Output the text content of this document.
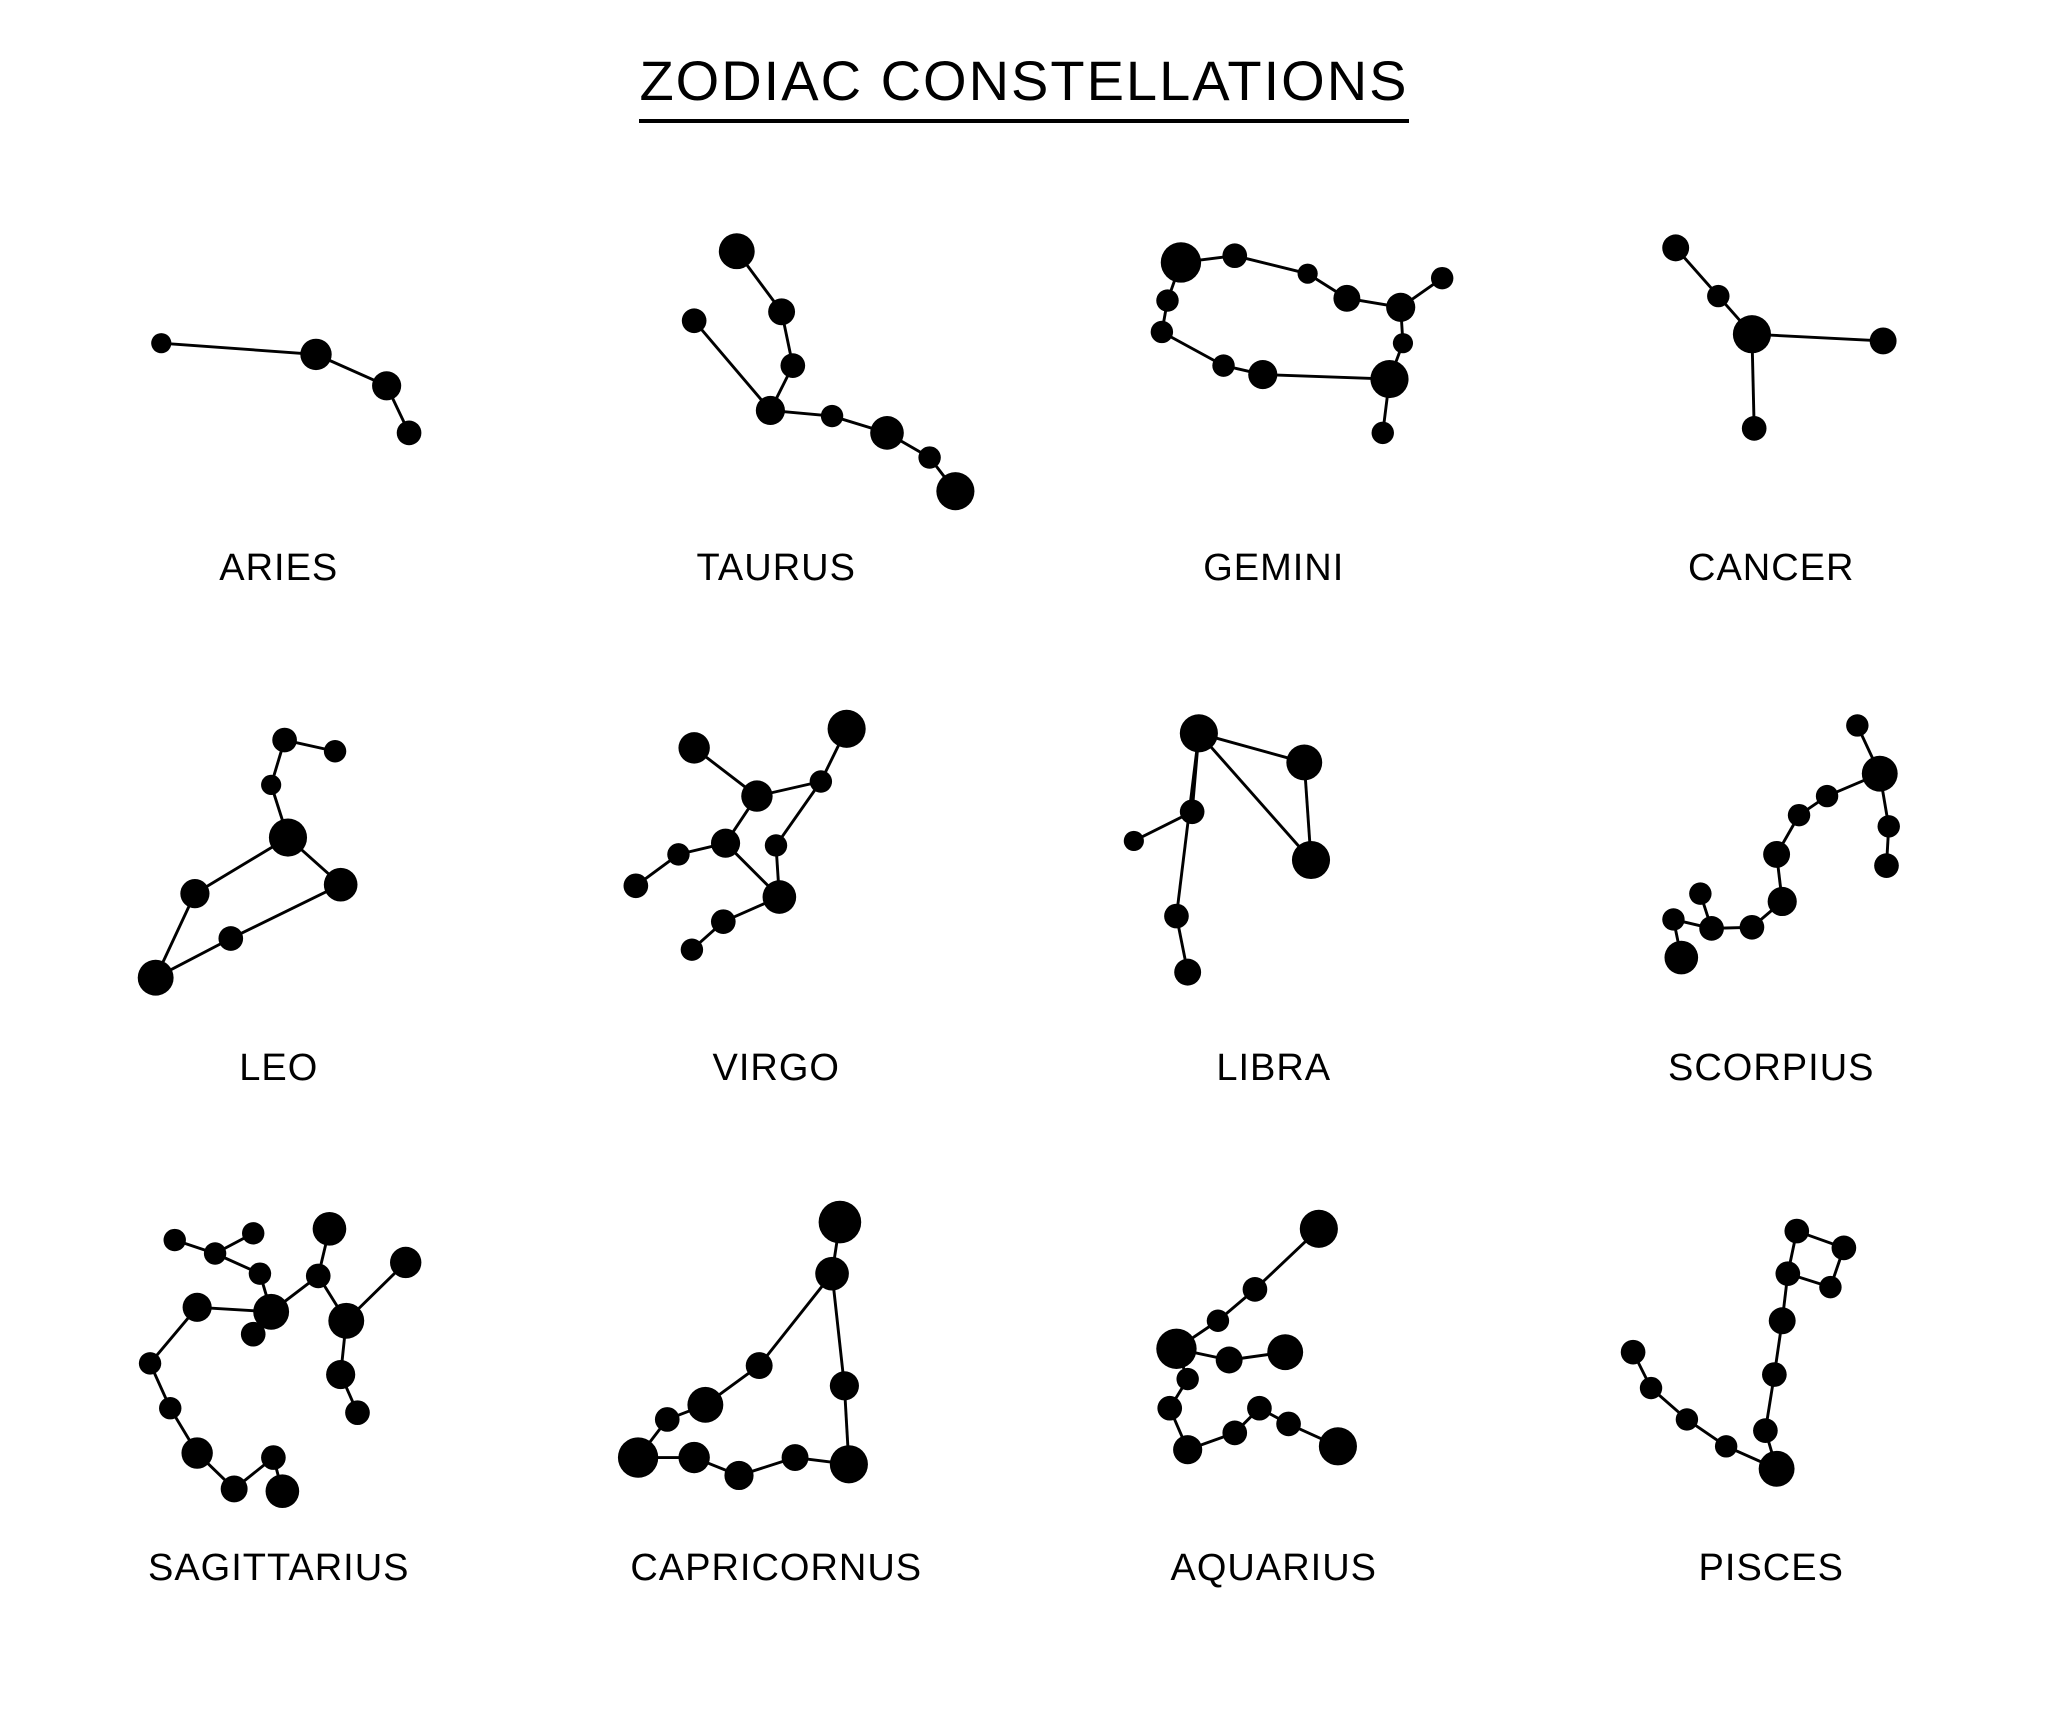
ZODIAC CONSTELLATIONS
ARIES	TAURUS	GEMINI	CANCER
LEO	VIRGO	LIBRA	SCORPIUS
SAGITTARIUS	CAPRICORNUS	AQUARIUS	PISCES
